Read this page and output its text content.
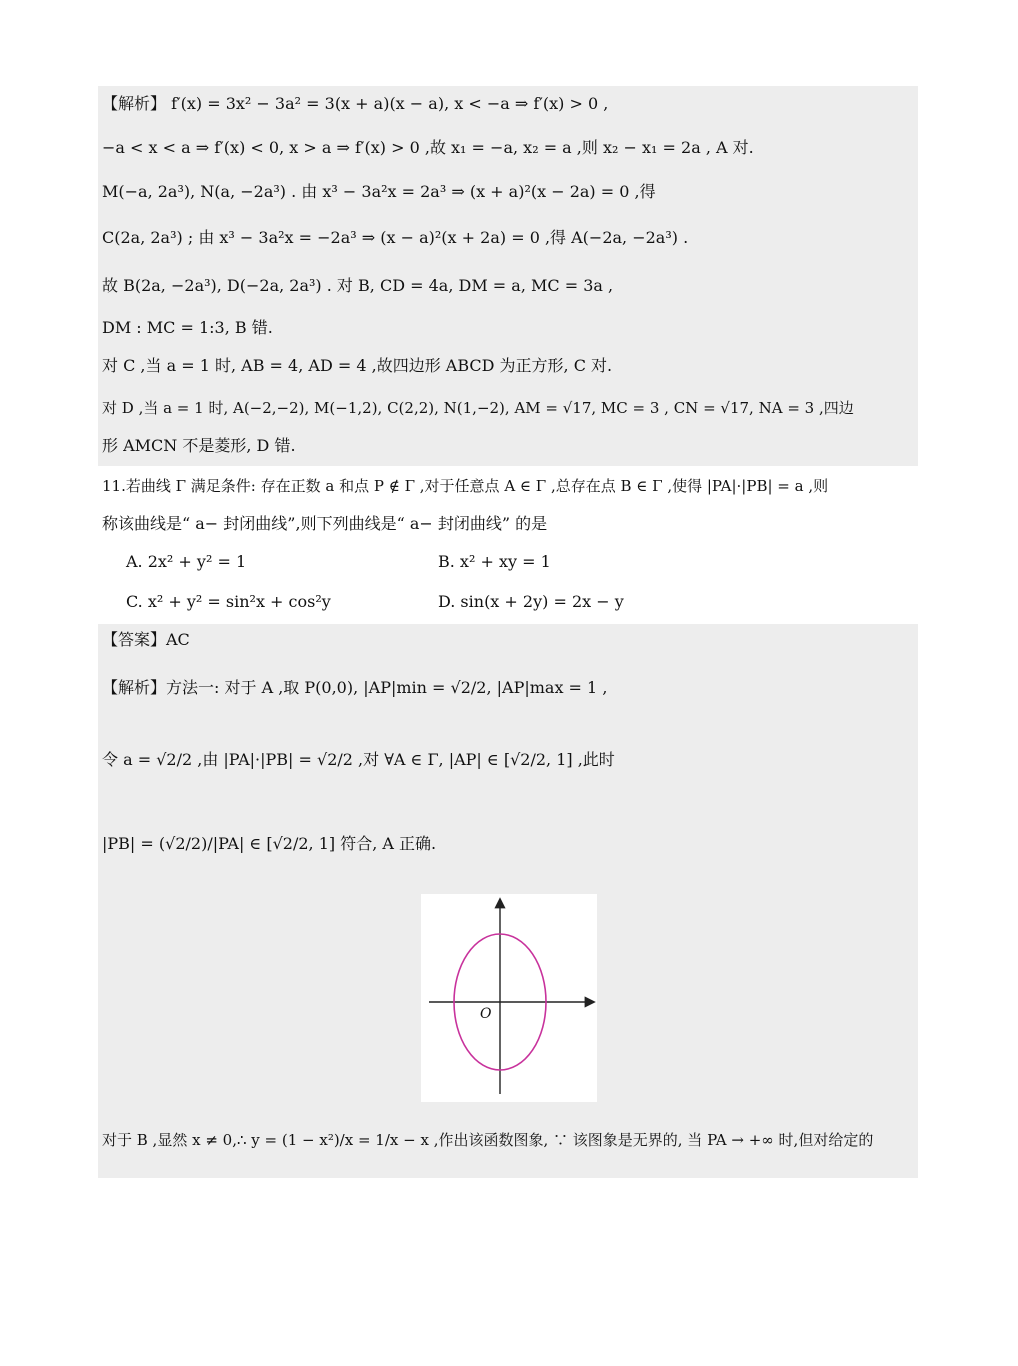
【解析】 f′(x) = 3x² − 3a² = 3(x + a)(x − a), x < −a ⇒ f′(x) > 0 ,
−a < x < a ⇒ f′(x) < 0, x > a ⇒ f′(x) > 0 ,故 x₁ = −a, x₂ = a ,则 x₂ − x₁ = 2a , A 对.
M(−a, 2a³), N(a, −2a³) . 由 x³ − 3a²x = 2a³ ⇒ (x + a)²(x − 2a) = 0 ,得
C(2a, 2a³) ; 由 x³ − 3a²x = −2a³ ⇒ (x − a)²(x + 2a) = 0 ,得 A(−2a, −2a³) .
故 B(2a, −2a³), D(−2a, 2a³) . 对 B, CD = 4a, DM = a, MC = 3a ,
DM : MC = 1:3, B 错.
对 C ,当 a = 1 时, AB = 4, AD = 4 ,故四边形 ABCD 为正方形, C 对.
对 D ,当 a = 1 时, A(−2,−2), M(−1,2), C(2,2), N(1,−2), AM = √17, MC = 3 , CN = √17, NA = 3 ,四边
形 AMCN 不是菱形, D 错.
11.若曲线 Γ 满足条件: 存在正数 a 和点 P ∉ Γ ,对于任意点 A ∈ Γ ,总存在点 B ∈ Γ ,使得 |PA|·|PB| = a ,则
称该曲线是“ a− 封闭曲线”,则下列曲线是“ a− 封闭曲线” 的是
A. 2x² + y² = 1	B. x² + xy = 1
C. x² + y² = sin²x + cos²y	D. sin(x + 2y) = 2x − y
【答案】AC
【解析】方法一: 对于 A ,取 P(0,0), |AP|min = √2/2, |AP|max = 1 ,
令 a = √2/2 ,由 |PA|·|PB| = √2/2 ,对 ∀A ∈ Γ, |AP| ∈ [√2/2, 1] ,此时
|PB| = (√2/2)/|PA| ∈ [√2/2, 1] 符合, A 正确.
O
对于 B ,显然 x ≠ 0,∴ y = (1 − x²)/x = 1/x − x ,作出该函数图象, ∵ 该图象是无界的, 当 PA → +∞ 时,但对给定的
